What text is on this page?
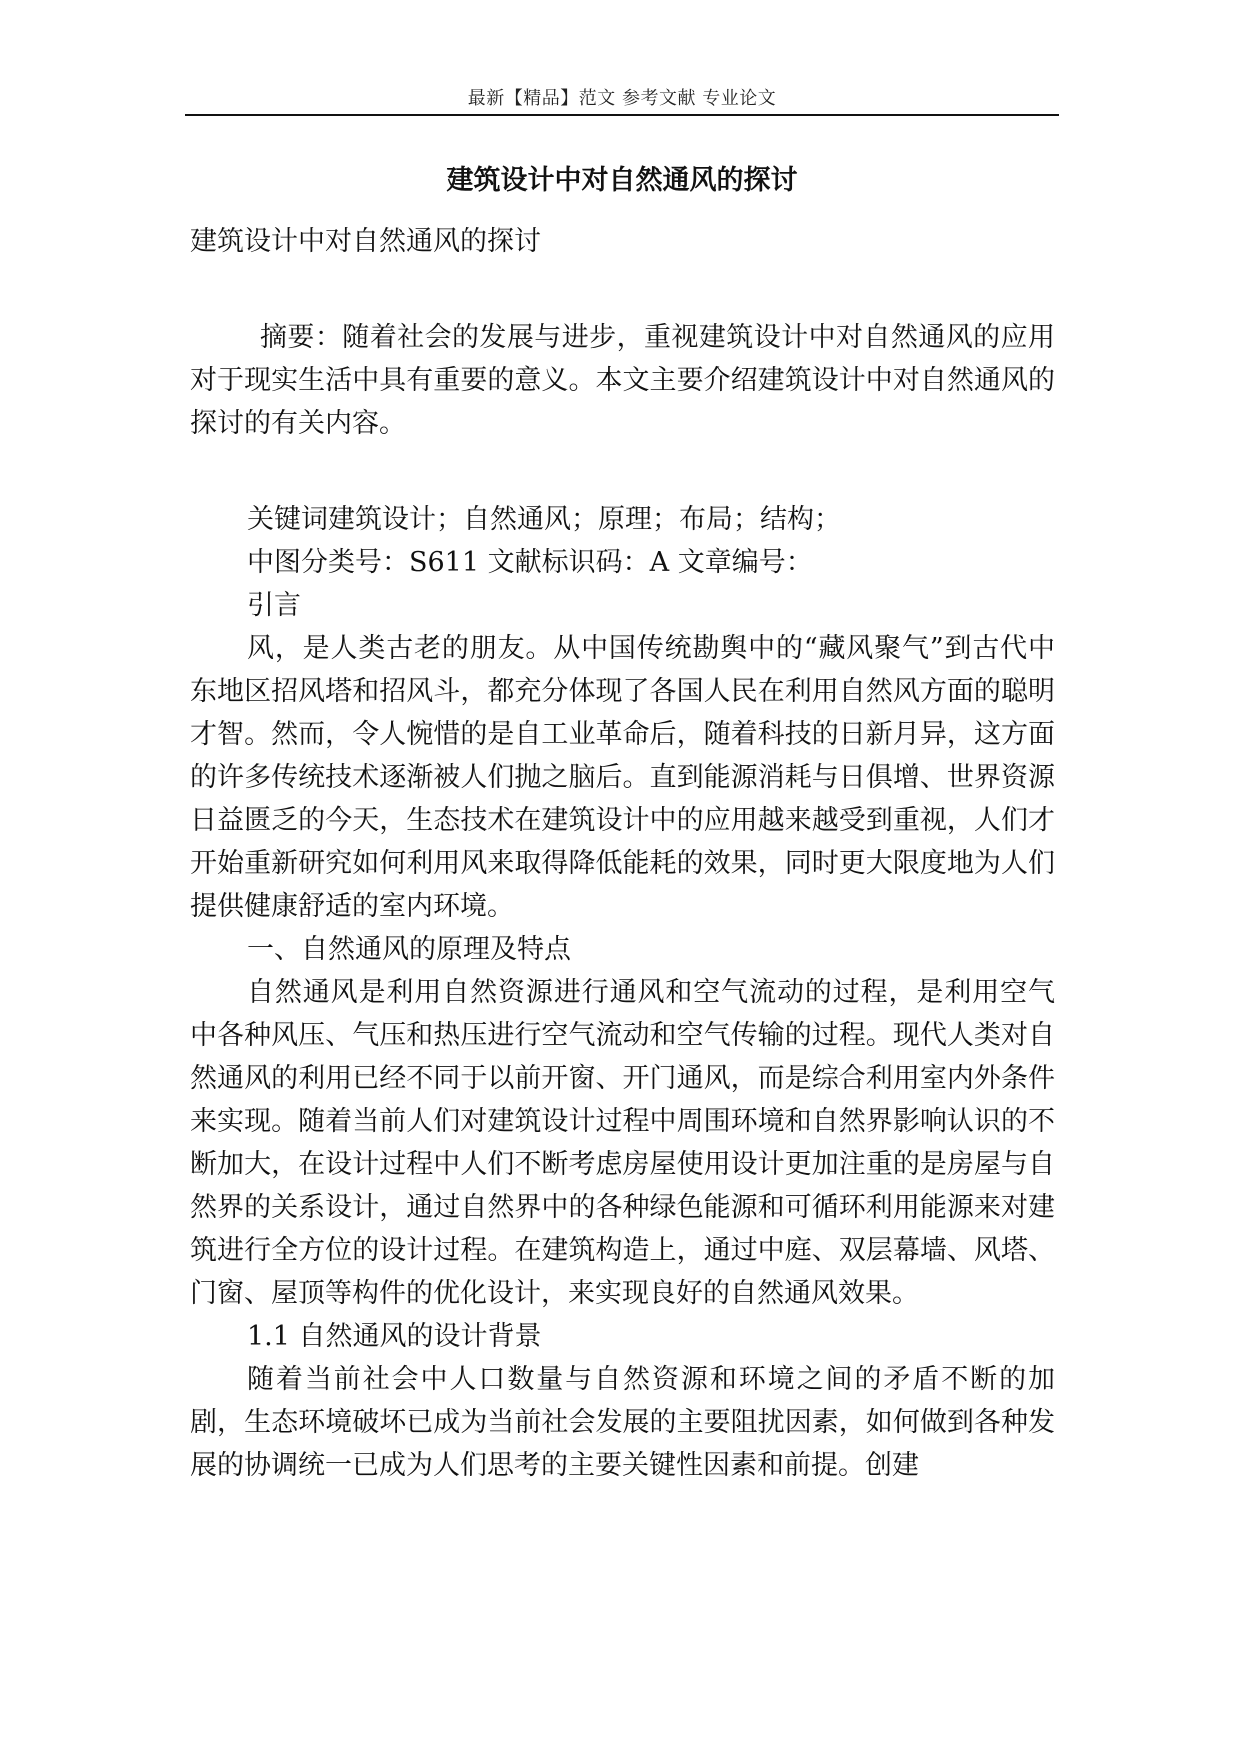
最新【精品】范文 参考文献 专业论文
建筑设计中对自然通风的探讨

建筑设计中对自然通风的探讨

摘要：随着社会的发展与进步，重视建筑设计中对自然通风的应用对于现实生活中具有重要的意义。本文主要介绍建筑设计中对自然通风的探讨的有关内容。

关键词建筑设计；自然通风；原理；布局；结构；

中图分类号：S611 文献标识码：A 文章编号：

引言

风，是人类古老的朋友。从中国传统勘舆中的“藏风聚气”到古代中东地区招风塔和招风斗，都充分体现了各国人民在利用自然风方面的聪明才智。然而，令人惋惜的是自工业革命后，随着科技的日新月异，这方面的许多传统技术逐渐被人们抛之脑后。直到能源消耗与日俱增、世界资源日益匮乏的今天，生态技术在建筑设计中的应用越来越受到重视，人们才开始重新研究如何利用风来取得降低能耗的效果，同时更大限度地为人们提供健康舒适的室内环境。

一、自然通风的原理及特点

自然通风是利用自然资源进行通风和空气流动的过程，是利用空气中各种风压、气压和热压进行空气流动和空气传输的过程。现代人类对自然通风的利用已经不同于以前开窗、开门通风，而是综合利用室内外条件来实现。随着当前人们对建筑设计过程中周围环境和自然界影响认识的不断加大，在设计过程中人们不断考虑房屋使用设计更加注重的是房屋与自然界的关系设计，通过自然界中的各种绿色能源和可循环利用能源来对建筑进行全方位的设计过程。在建筑构造上，通过中庭、双层幕墙、风塔、门窗、屋顶等构件的优化设计，来实现良好的自然通风效果。

1.1 自然通风的设计背景

随着当前社会中人口数量与自然资源和环境之间的矛盾不断的加剧，生态环境破坏已成为当前社会发展的主要阻扰因素，如何做到各种发展的协调统一已成为人们思考的主要关键性因素和前提。创建
